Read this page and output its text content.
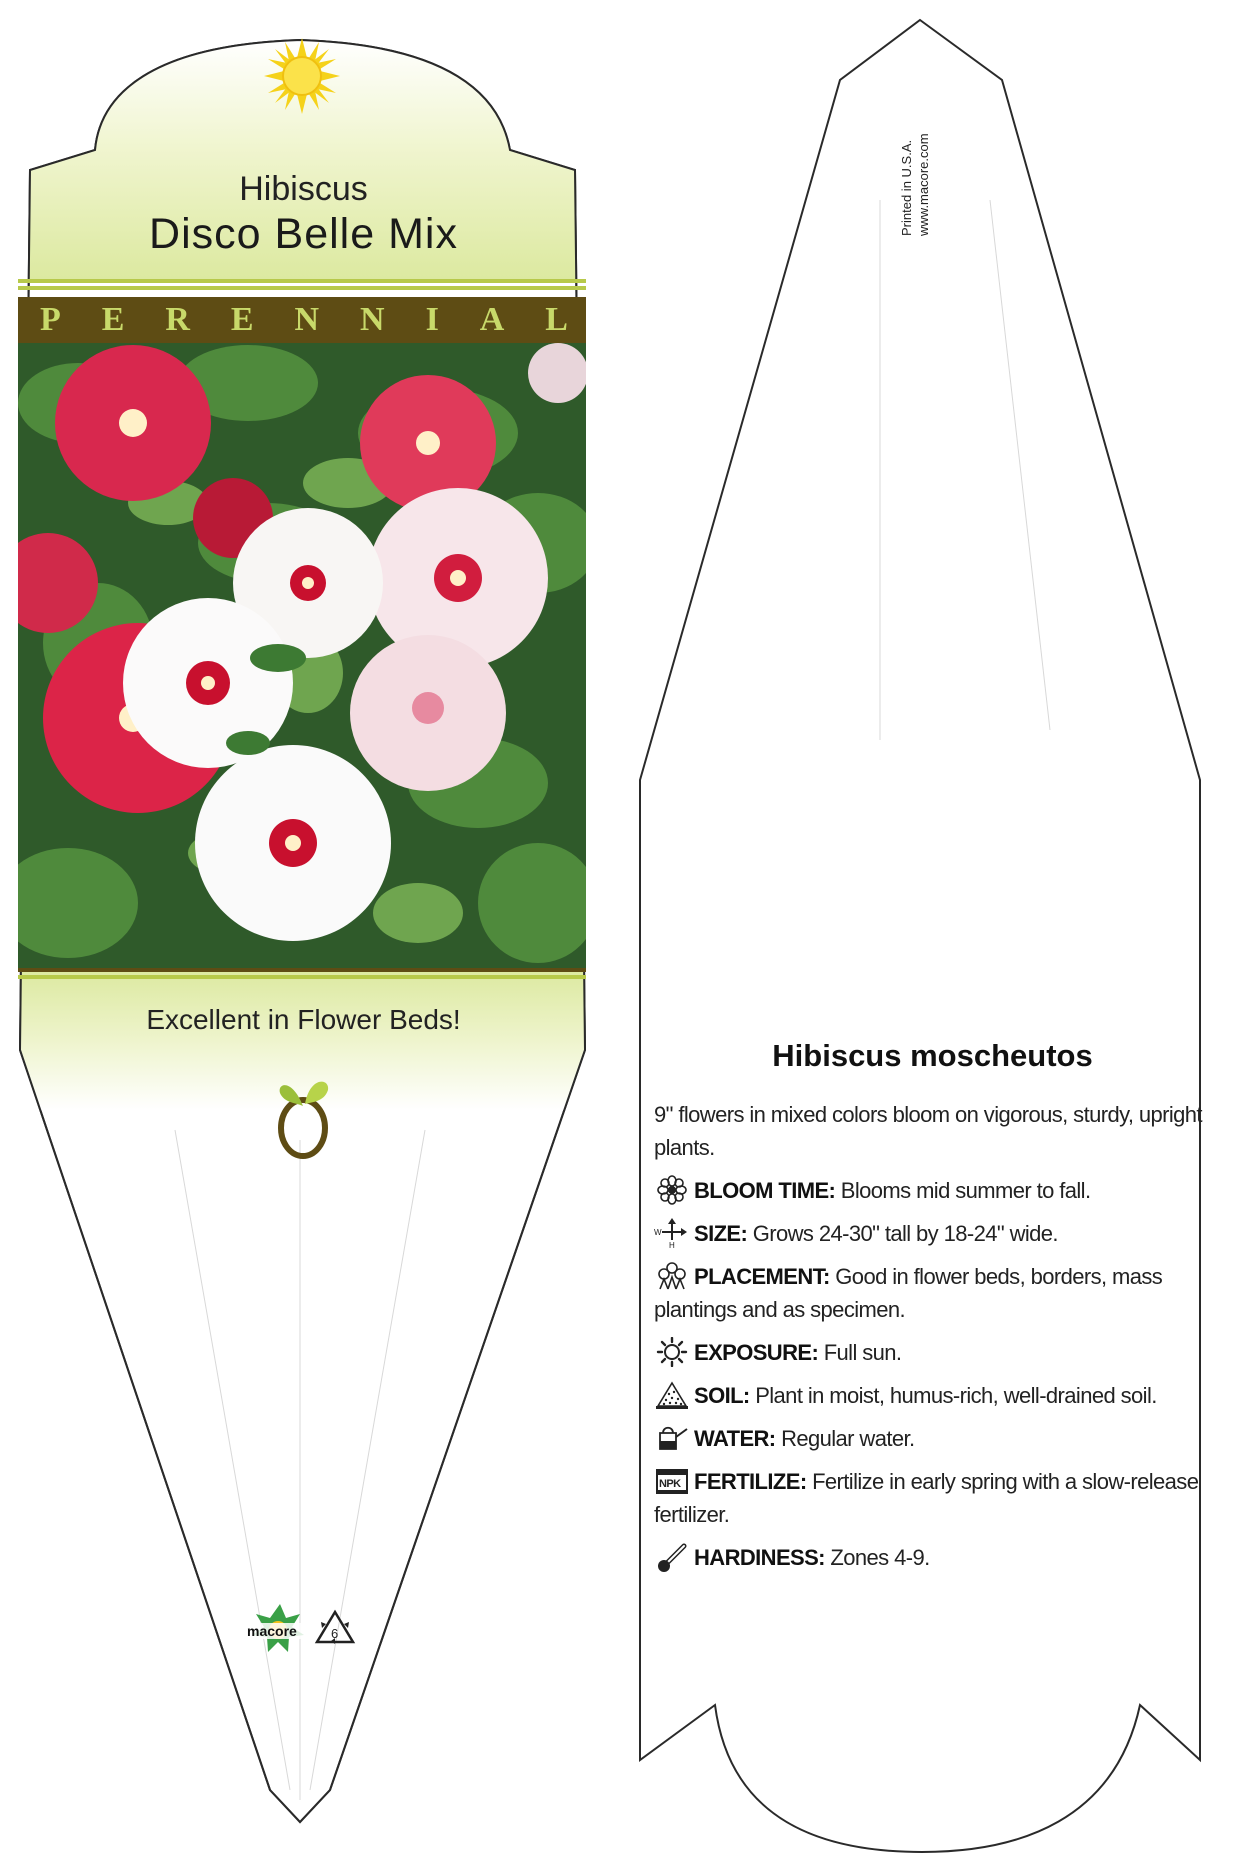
Hibiscus
Disco Belle Mix
P E R E N N I A L
Excellent in Flower Beds!
macore	6
Printed in U.S.A. www.macore.com
Hibiscus moscheutos
9" flowers in mixed colors bloom on vigorous, sturdy, upright plants.
BLOOM TIME: Blooms mid summer to fall.
W
H SIZE: Grows 24-30" tall by 18-24" wide.
PLACEMENT: Good in flower beds, borders, mass plantings and as specimen.
EXPOSURE: Full sun.
SOIL: Plant in moist, humus-rich, well-drained soil.
WATER: Regular water.
NPK FERTILIZE: Fertilize in early spring with a slow-release fertilizer.
HARDINESS: Zones 4-9.
